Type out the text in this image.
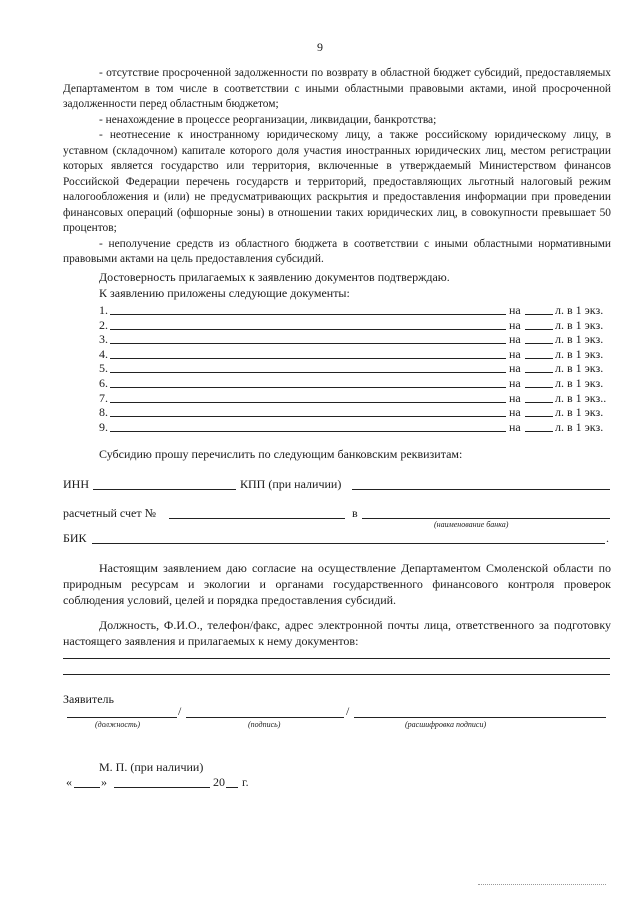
9

- отсутствие просроченной задолженности по возврату в областной бюджет субсидий, предоставляемых Департаментом в том числе в соответствии с иными областными правовыми актами, иной просроченной задолженности перед областным бюджетом;

- ненахождение в процессе реорганизации, ликвидации, банкротства;

- неотнесение к иностранному юридическому лицу, а также российскому юридическому лицу, в уставном (складочном) капитале которого доля участия иностранных юридических лиц, местом регистрации которых является государство или территория, включенные в утверждаемый Министерством финансов Российской Федерации перечень государств и территорий, предоставляющих льготный налоговый режим налогообложения и (или) не предусматривающих раскрытия и предоставления информации при проведении финансовых операций (офшорные зоны) в отношении таких юридических лиц, в совокупности превышает 50 процентов;

- неполучение средств из областного бюджета в соответствии с иными областными нормативными правовыми актами на цель предоставления субсидий.

Достоверность прилагаемых к заявлению документов подтверждаю.

К заявлению приложены следующие документы:

1.	на	л. в 1 экз.
2.	на	л. в 1 экз.
3.	на	л. в 1 экз.
4.	на	л. в 1 экз.
5.	на	л. в 1 экз.
6.	на	л. в 1 экз.
7.	на	л. в 1 экз..
8.	на	л. в 1 экз.
9.	на	л. в 1 экз.
Субсидию прошу перечислить по следующим банковским реквизитам:
ИНН	КПП (при наличии)
расчетный счет №	в
(наименование банка)
БИК	.

Настоящим заявлением даю согласие на осуществление Департаментом Смоленской области по природным ресурсам и экологии и органами государственного финансового контроля проверок соблюдения условий, целей и порядка предоставления субсидий.

Должность, Ф.И.О., телефон/факс, адрес электронной почты лица, ответственного за подготовку настоящего заявления и прилагаемых к нему документов:

Заявитель
/	/
(должность)	(подпись)	(расшифровка подписи)
М. П. (при наличии)
« »	20 г.
